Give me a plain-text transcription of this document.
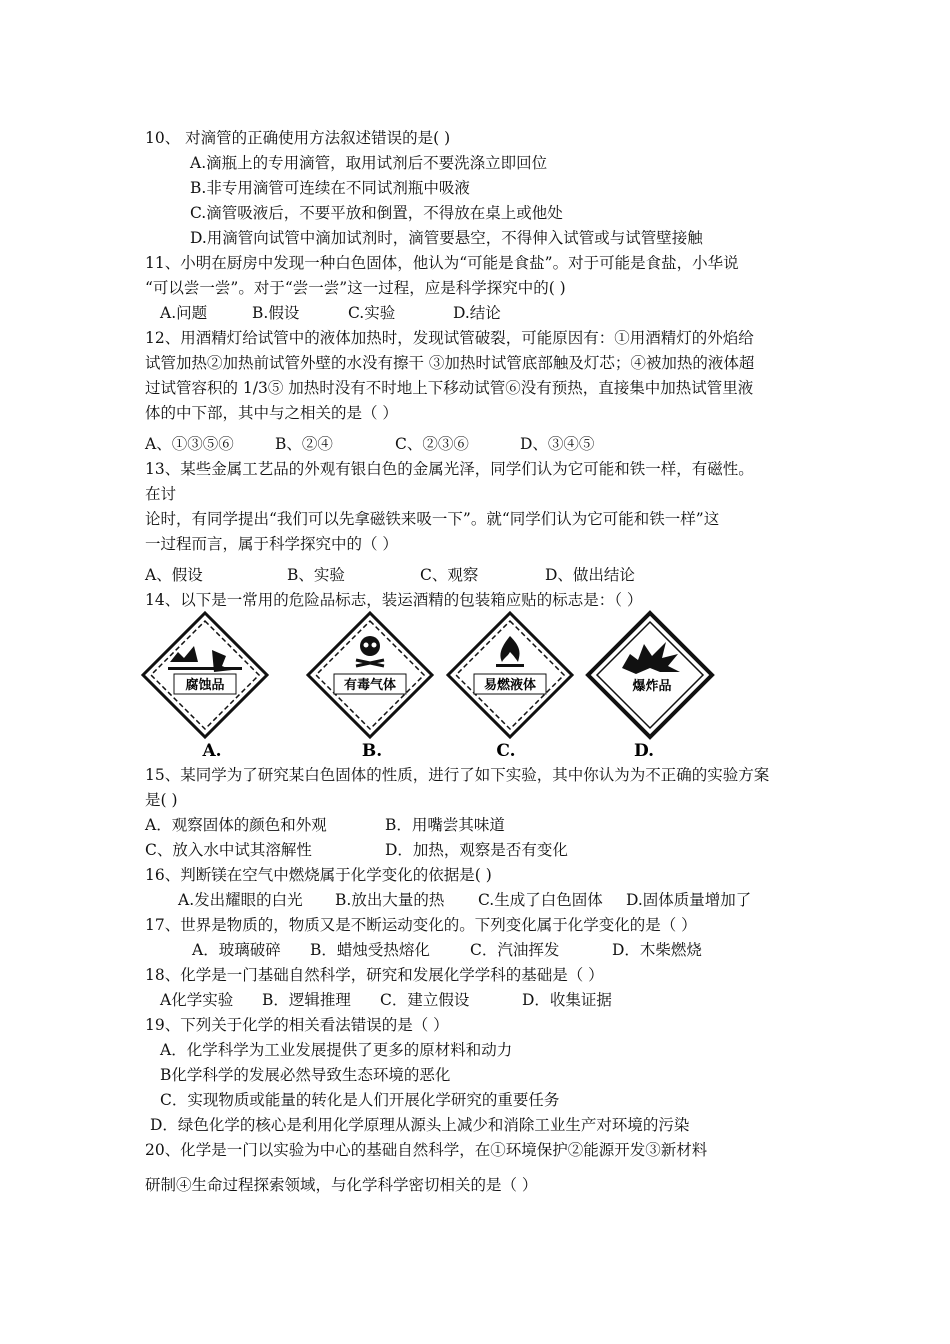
10、 对滴管的正确使用方法叙述错误的是( )
A.滴瓶上的专用滴管，取用试剂后不要洗涤立即回位
B.非专用滴管可连续在不同试剂瓶中吸液
C.滴管吸液后，不要平放和倒置，不得放在桌上或他处
D.用滴管向试管中滴加试剂时，滴管要悬空，不得伸入试管或与试管壁接触
11、小明在厨房中发现一种白色固体，他认为“可能是食盐”。对于可能是食盐，小华说
“可以尝一尝”。对于“尝一尝”这一过程，应是科学探究中的( )
A.问题	B.假设	C.实验	D.结论
12、用酒精灯给试管中的液体加热时，发现试管破裂，可能原因有：①用酒精灯的外焰给
试管加热②加热前试管外壁的水没有擦干 ③加热时试管底部触及灯芯；④被加热的液体超
过试管容积的 1/3⑤ 加热时没有不时地上下移动试管⑥没有预热，直接集中加热试管里液
体的中下部，其中与之相关的是（ ）
A、①③⑤⑥	B、②④	C、②③⑥	D、③④⑤
13、某些金属工艺品的外观有银白色的金属光泽，同学们认为它可能和铁一样，有磁性。
在讨
论时，有同学提出“我们可以先拿磁铁来吸一下”。就“同学们认为它可能和铁一样”这
一过程而言，属于科学探究中的（ ）
A、假设	B、实验	C、观察	D、做出结论
14、以下是一常用的危险品标志，装运酒精的包装箱应贴的标志是：（ ）
腐蚀品
A.
有毒气体
B.
易燃液体
C.
爆炸品
D.
15、某同学为了研究某白色固体的性质，进行了如下实验，其中你认为为不正确的实验方案
是( )
A．观察固体的颜色和外观	B．用嘴尝其味道
C、放入水中试其溶解性	D．加热，观察是否有变化
16、判断镁在空气中燃烧属于化学变化的依据是( )
A.发出耀眼的白光 B.放出大量的热 C.生成了白色固体 D.固体质量增加了
17、世界是物质的，物质又是不断运动变化的。下列变化属于化学变化的是（ ）
A．玻璃破碎 B．蜡烛受热熔化	C．汽油挥发	D．木柴燃烧
18、化学是一门基础自然科学，研究和发展化学学科的基础是（ ）
A化学实验 B．逻辑推理 C．建立假设	D．收集证据
19、下列关于化学的相关看法错误的是（ ）
A．化学科学为工业发展提供了更多的原材料和动力
B化学科学的发展必然导致生态环境的恶化
C．实现物质或能量的转化是人们开展化学研究的重要任务
D．绿色化学的核心是利用化学原理从源头上减少和消除工业生产对环境的污染
20、化学是一门以实验为中心的基础自然科学，在①环境保护②能源开发③新材料
研制④生命过程探索领域，与化学科学密切相关的是（ ）
